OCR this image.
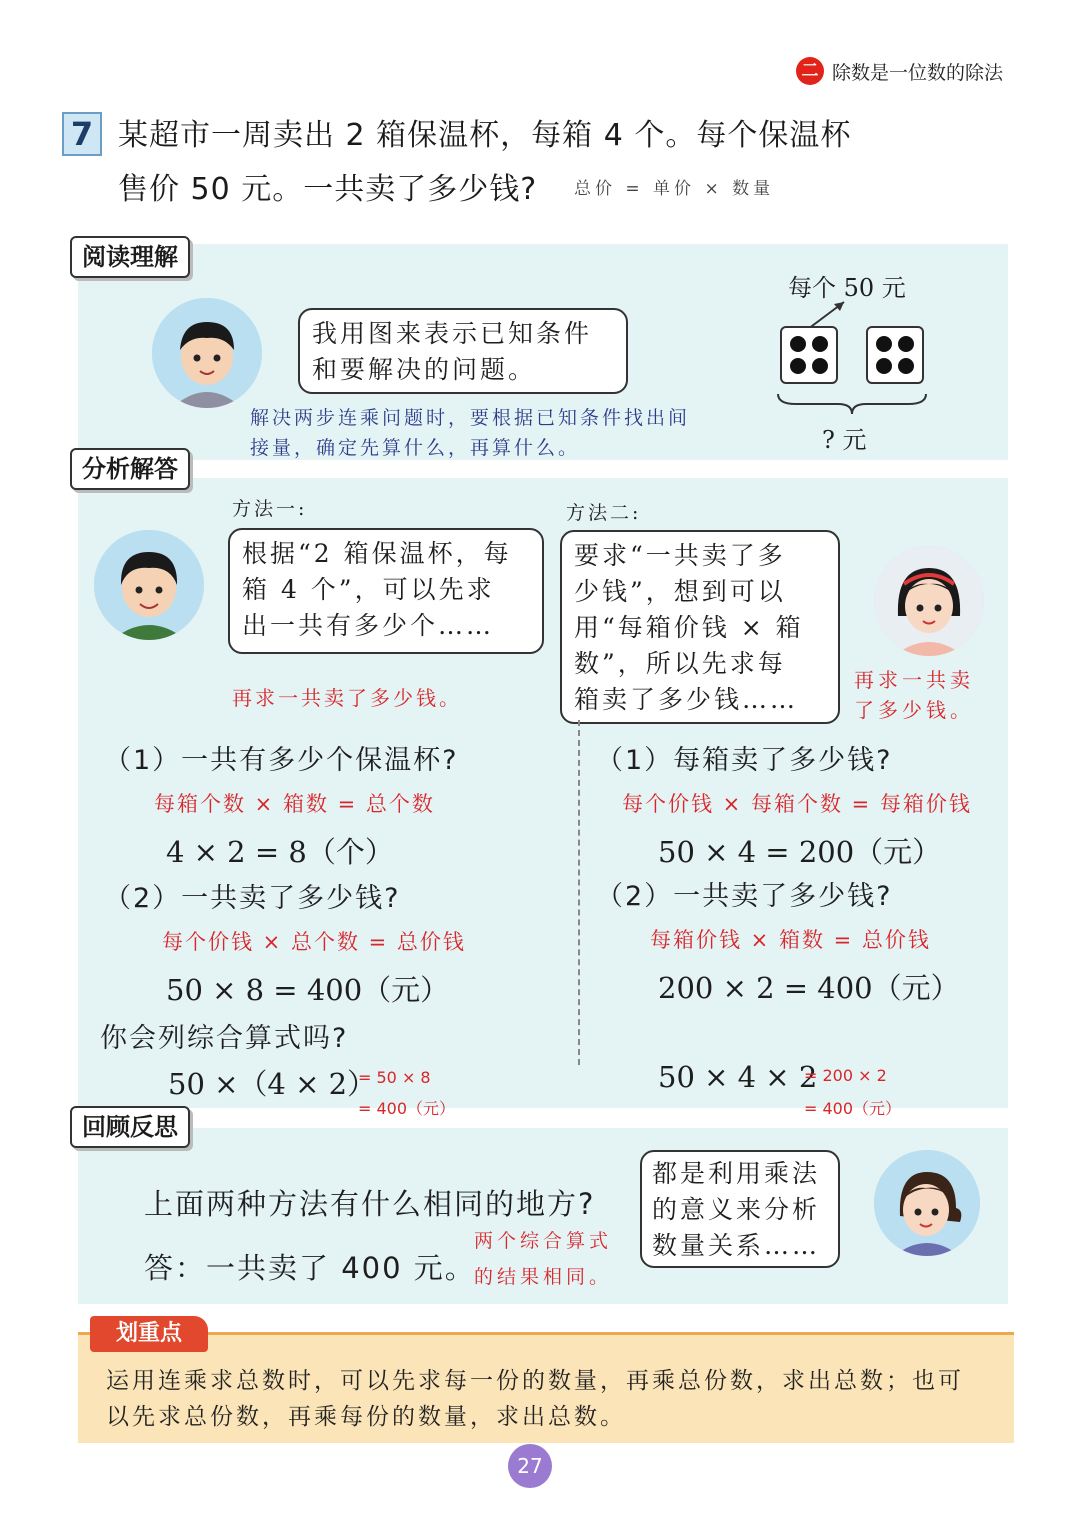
二 除数是一位数的除法
7 某超市一周卖出 2 箱保温杯，每箱 4 个。每个保温杯
售价 50 元。一共卖了多少钱? 总价 = 单价 × 数量
阅读理解
我用图来表示已知条件
和要解决的问题。
解决两步连乘问题时，要根据已知条件找出间
接量，确定先算什么，再算什么。
每个 50 元
? 元
分析解答
方法一:	方法二:
根据“2 箱保温杯，每
箱 4 个”，可以先求
出一共有多少个……
再求一共卖了多少钱。
要求“一共卖了多
少钱”，想到可以
用“每箱价钱 × 箱
数”，所以先求每
箱卖了多少钱……
再求一共卖
了多少钱。
（1）一共有多少个保温杯?
每箱个数 × 箱数 = 总个数
4 × 2 = 8（个）
（2）一共卖了多少钱?
每个价钱 × 总个数 = 总价钱
50 × 8 = 400（元）
你会列综合算式吗?
50 ×（4 × 2）
= 50 × 8
= 400（元）
（1）每箱卖了多少钱?
每个价钱 × 每箱个数 = 每箱价钱
50 × 4 = 200（元）
（2）一共卖了多少钱?
每箱价钱 × 箱数 = 总价钱
200 × 2 = 400（元）
50 × 4 × 2
= 200 × 2
= 400（元）
回顾反思
上面两种方法有什么相同的地方?
答：一共卖了 400 元。
两个综合算式
的结果相同。
都是利用乘法
的意义来分析
数量关系……
划重点
运用连乘求总数时，可以先求每一份的数量，再乘总份数，求出总数；也可
以先求总份数，再乘每份的数量，求出总数。
27
